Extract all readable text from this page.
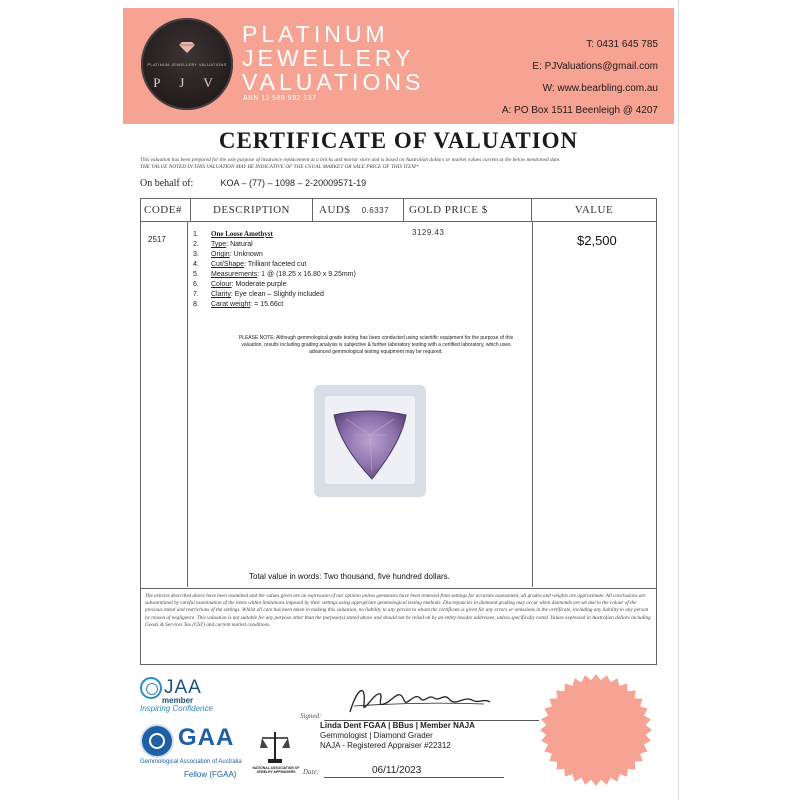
PLATINUM JEWELLERY VALUATIONS
P J V
PLATINUM
JEWELLERY
VALUATIONS
ABN 11 588 592 137
T: 0431 645 785
E: PJValuations@gmail.com
W: www.bearbling.com.au
A: PO Box 1511 Beenleigh @ 4207
CERTIFICATE OF VALUATION
This valuation has been prepared for the sole purpose of insurance replacement at a bricks and mortar store and is based on Australian dollars or market values current at the below mentioned date.
THE VALUE NOTED IN THIS VALUATION MAY BE INDICATIVE OF THE USUAL MARKET OR SALE PRICE OF THIS ITEM*
On behalf of:	KOA – (77) – 1098 – 2-20009571-19
CODE#	DESCRIPTION	AUD$ 0.6337	GOLD PRICE $ 3129.43
VALUE
2517
1. One Loose Amethyst
2. Type: Natural
3. Origin: Unknown
4. Cut/Shape: Trilliant faceted cut
5. Measurements: 1 @ (18.25 x 16.80 x 9.25mm)
6. Colour: Moderate purple
7. Clarity: Eye clean – Slightly included
8. Carat weight: = 15.66ct
PLEASE NOTE: Although gemmological grade testing has been conducted using scientific equipment for the purpose of this
valuation, results including grading analysis is subjective & further laboratory testing with a certified laboratory, which uses
advanced gemmological testing equipment may be required.
Total value in words: Two thousand, five hundred dollars.
$2,500

The articles described above have been examined and the values given are an expression of our opinion unless gemstones have been removed from settings for accurate assessment, all grades and weights are approximate. All conclusions are substantiated by careful examination of the items within limitations imposed by their settings using appropriate gemmological testing methods. Discrepancies in diamond grading may occur when diamonds are set due to the colour of the precious metal and restrictions of the settings. Whilst all care has been taken in making this valuation, no liability to any person to whom the certificate is given for any errors or omissions in the certificate, including any liability to any person by reason of negligence. This valuation is not suitable for any purpose other than the purpose(s) stated above and should not be relied on by an entity besides addressee, unless specifically noted. Values expressed in Australian dollars including Goods & Services Tax (GST) and current market conditions.

JAA
member
Inspiring Confidence
GAA
Gemmological Association of Australia
Fellow (FGAA)
NATIONAL ASSOCIATION OF JEWELRY APPRAISERS
Signed:
Linda Dent FGAA | BBus | Member NAJA
Gemmologist | Diamond Grader
NAJA - Registered Appraiser #22312
Date:	06/11/2023
